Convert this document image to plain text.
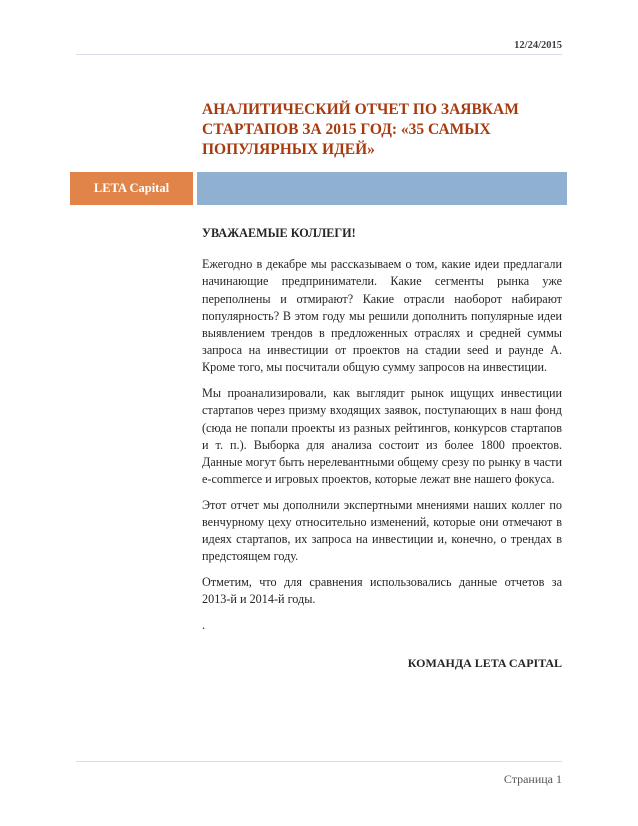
12/24/2015
АНАЛИТИЧЕСКИЙ ОТЧЕТ ПО ЗАЯВКАМ СТАРТАПОВ ЗА 2015 ГОД: «35 САМЫХ ПОПУЛЯРНЫХ ИДЕЙ»
LETA Capital

УВАЖАЕМЫЕ КОЛЛЕГИ!

Ежегодно в декабре мы рассказываем о том, какие идеи предлагали начинающие предприниматели. Какие сегменты рынка уже переполнены и отмирают? Какие отрасли наоборот набирают популярность? В этом году мы решили дополнить популярные идеи выявлением трендов в предложенных отраслях и средней суммы запроса на инвестиции от проектов на стадии seed и раунде A. Кроме того, мы посчитали общую сумму запросов на инвестиции.

Мы проанализировали, как выглядит рынок ищущих инвестиции стартапов через призму входящих заявок, поступающих в наш фонд (сюда не попали проекты из разных рейтингов, конкурсов стартапов и т. п.). Выборка для анализа состоит из более 1800 проектов. Данные могут быть нерелевантными общему срезу по рынку в части e-commerce и игровых проектов, которые лежат вне нашего фокуса.

Этот отчет мы дополнили экспертными мнениями наших коллег по венчурному цеху относительно изменений, которые они отмечают в идеях стартапов, их запроса на инвестиции и, конечно, о трендах в предстоящем году.

Отметим, что для сравнения использовались данные отчетов за 2013-й и 2014-й годы.

.

КОМАНДА LETA CAPITAL
Страница 1
